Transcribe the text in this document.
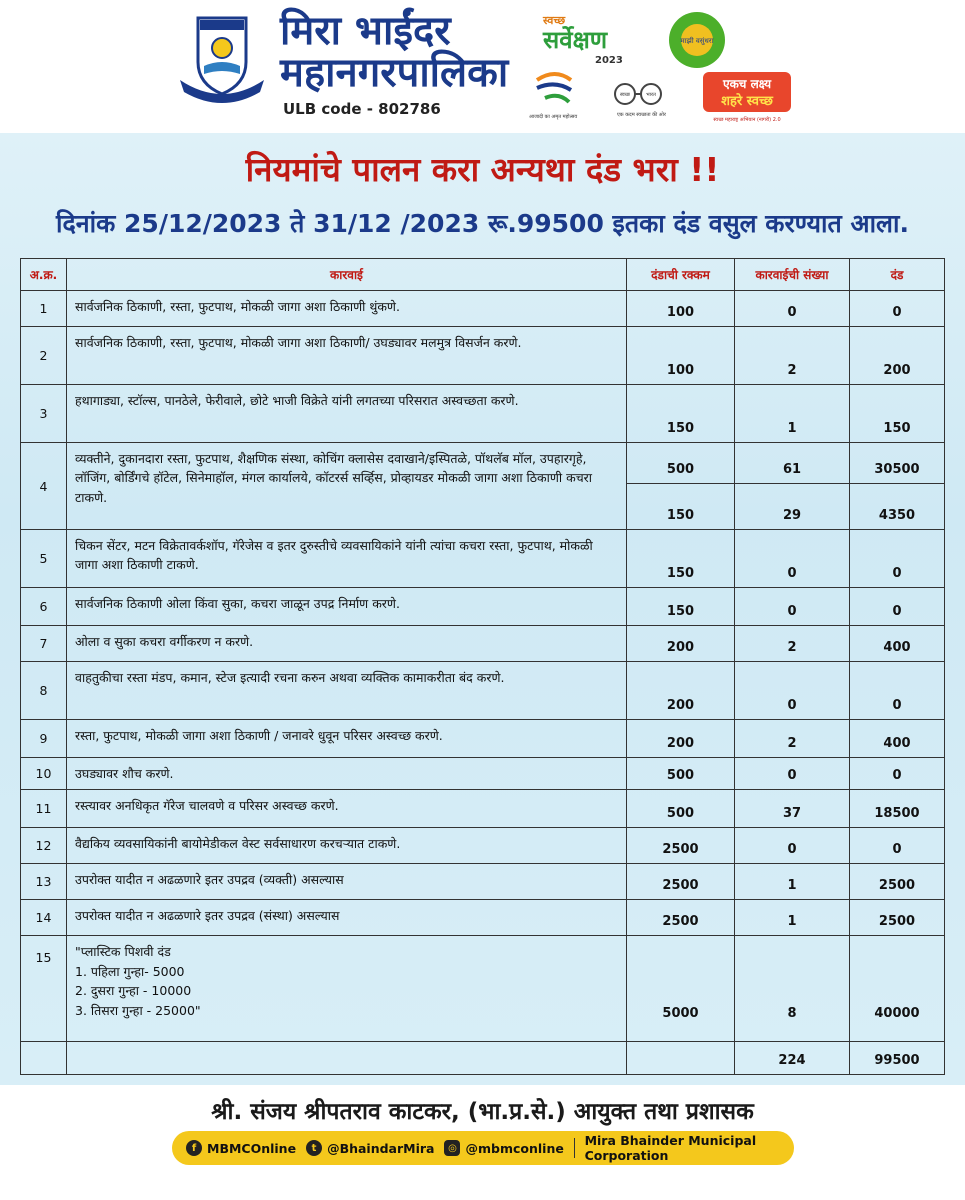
मिरा भाईंदर
महानगरपालिका
ULB code - 802786
स्वच्छ
सर्वेक्षण
2023
माझी वसुंधरा
आजादी का अमृत महोत्सव
स्वच्छ	भारत
एक कदम स्वच्छता की ओर
एकच लक्ष्य
शहरे स्वच्छ
स्वच्छ महाराष्ट्र अभियान (नागरी) 2.0
नियमांचे पालन करा अन्यथा दंड भरा !!
दिनांक 25/12/2023 ते 31/12 /2023 रू.99500 इतका दंड वसुल करण्यात आला.
अ.क्र.	कारवाई	दंडाची रक्कम	कारवाईची संख्या	दंड
1	सार्वजनिक ठिकाणी, रस्ता, फुटपाथ, मोकळी जागा अशा ठिकाणी थुंकणे.	100	0	0
2	सार्वजनिक ठिकाणी, रस्ता, फुटपाथ, मोकळी जागा अशा ठिकाणी/ उघड्यावर मलमुत्र विसर्जन करणे.	100	2	200
3	हथागाड्या, स्टॉल्स, पानठेले, फेरीवाले, छोटे भाजी विक्रेते यांनी लगतच्या परिसरात अस्वच्छता करणे.	150	1	150
4	व्यक्तीने, दुकानदारा रस्ता, फुटपाथ, शैक्षणिक संस्था, कोचिंग क्लासेस दवाखाने/इस्पितळे, पॉथलॅब मॉल, उपहारगृहे, लॉजिंग, बोर्डिंगचे हॉटेल, सिनेमाहॉल, मंगल कार्यालये, कॉटरर्स सर्व्हिस, प्रोव्हायडर मोकळी जागा अशा ठिकाणी कचरा टाकणे.	500	61	30500
		150	29	4350
5	चिकन सेंटर, मटन विक्रेतावर्कशॉप, गॅरेजेस व इतर दुरुस्तीचे व्यवसायिकांने यांनी त्यांचा कचरा रस्ता, फुटपाथ, मोकळी जागा अशा ठिकाणी टाकणे.	150	0	0
6	सार्वजनिक ठिकाणी ओला किंवा सुका, कचरा जाळून उपद्र निर्माण करणे.	150	0	0
7	ओला व सुका कचरा वर्गीकरण न करणे.	200	2	400
8	वाहतुकीचा रस्ता मंडप, कमान, स्टेज इत्यादी रचना करुन अथवा व्यक्तिक कामाकरीता बंद करणे.	200	0	0
9	रस्ता, फुटपाथ, मोकळी जागा अशा ठिकाणी / जनावरे धुवून परिसर अस्वच्छ करणे.	200	2	400
10	उघड्यावर शौच करणे.	500	0	0
11	रस्त्यावर अनधिकृत गॅरेज चालवणे व परिसर अस्वच्छ करणे.	500	37	18500
12	वैद्यकिय व्यवसायिकांनी बायोमेडीकल वेस्ट सर्वसाधारण करचऱ्यात टाकणे.	2500	0	0
13	उपरोक्त यादीत न अढळणारे इतर उपद्रव (व्यक्ती) असल्यास	2500	1	2500
14	उपरोक्त यादीत न अढळणारे इतर उपद्रव (संस्था) असल्यास	2500	1	2500
15	"प्लास्टिक पिशवी दंड
1. पहिला गुन्हा- 5000
2. दुसरा गुन्हा - 10000
3. तिसरा गुन्हा - 25000"	5000	8	40000
			224	99500
श्री. संजय श्रीपतराव काटकर, (भा.प्र.से.) आयुक्त तथा प्रशासक
f MBMCOnline	t @BhaindarMira	◎ @mbmconline Mira Bhainder Municipal Corporation
